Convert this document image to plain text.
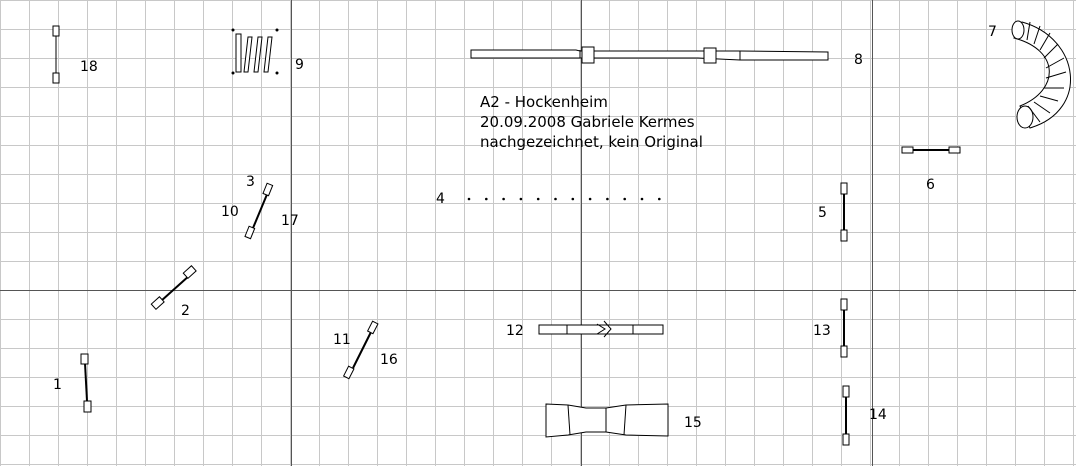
18	9	8
7
6
5
4
3
10
17
2
11
16
12	13
1
14
15
A2 - Hockenheim
20.09.2008 Gabriele Kermes
nachgezeichnet, kein Original
